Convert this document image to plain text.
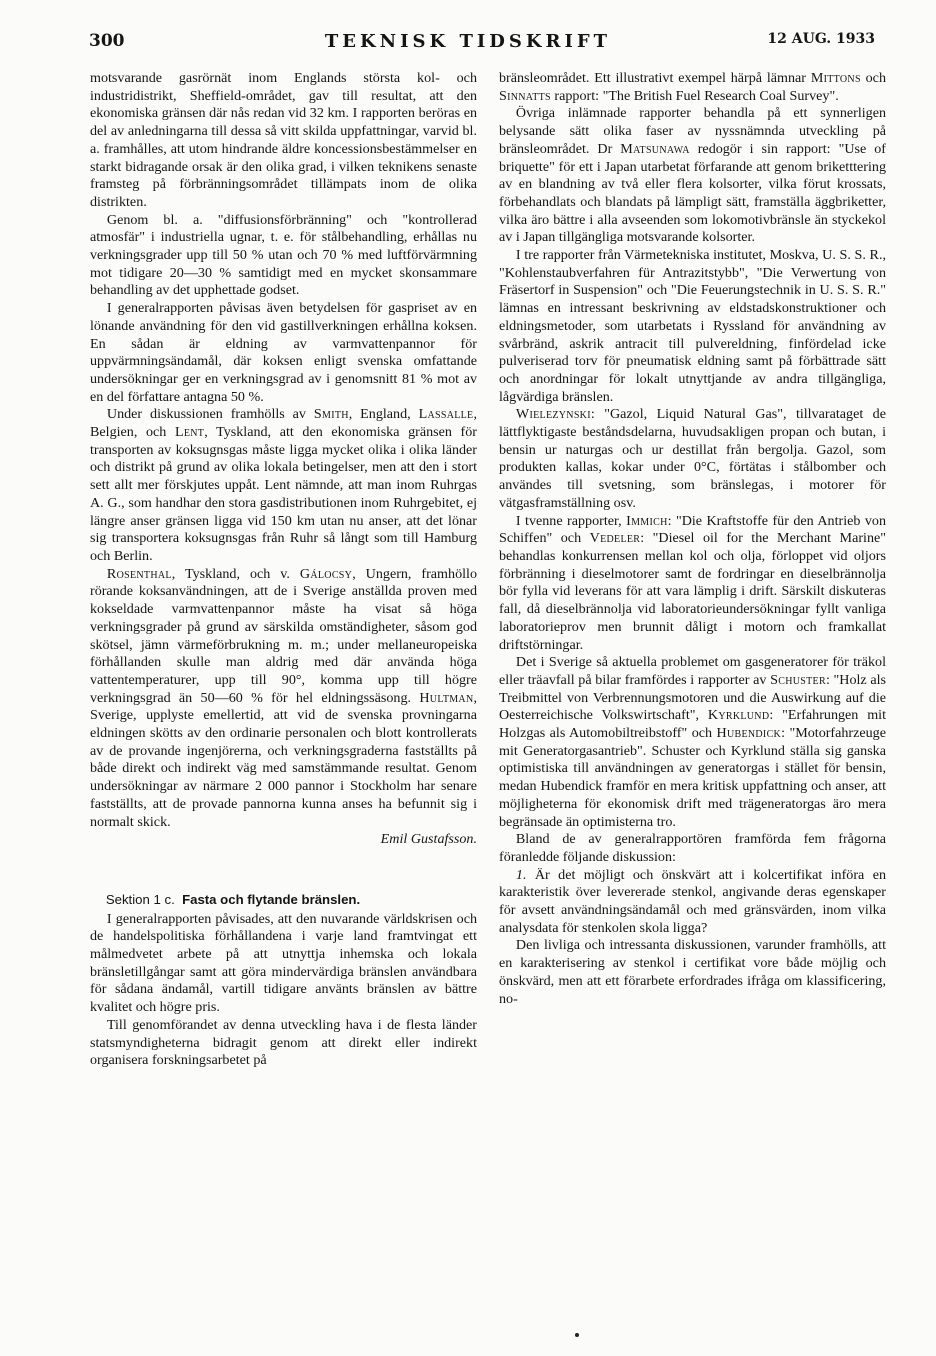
300	TEKNISK TIDSKRIFT	12 AUG. 1933

motsvarande gasrörnät inom Englands största kol- och industridistrikt, Sheffield-området, gav till resultat, att den ekonomiska gränsen där nås redan vid 32 km. I rapporten beröras en del av anledningarna till dessa så vitt skilda uppfattningar, varvid bl. a. framhålles, att utom hindrande äldre koncessionsbestämmelser en starkt bidragande orsak är den olika grad, i vilken teknikens senaste framsteg på förbränningsområdet tillämpats inom de olika distrikten.

Genom bl. a. "diffusionsförbränning" och "kontrollerad atmosfär" i industriella ugnar, t. e. för stålbehandling, erhållas nu verkningsgrader upp till 50 % utan och 70 % med luftförvärmning mot tidigare 20—30 % samtidigt med en mycket skonsammare behandling av det upphettade godset.

I generalrapporten påvisas även betydelsen för gaspriset av en lönande användning för den vid gastillverkningen erhållna koksen. En sådan är eldning av varmvattenpannor för uppvärmningsändamål, där koksen enligt svenska omfattande undersökningar ger en verkningsgrad av i genomsnitt 81 % mot av en del författare antagna 50 %.

Under diskussionen framhölls av Smith, England, Lassalle, Belgien, och Lent, Tyskland, att den ekonomiska gränsen för transporten av koksugnsgas måste ligga mycket olika i olika länder och distrikt på grund av olika lokala betingelser, men att den i stort sett allt mer förskjutes uppåt. Lent nämnde, att man inom Ruhrgas A. G., som handhar den stora gasdistributionen inom Ruhrgebitet, ej längre anser gränsen ligga vid 150 km utan nu anser, att det lönar sig transportera koksugnsgas från Ruhr så långt som till Hamburg och Berlin.

Rosenthal, Tyskland, och v. Gálocsy, Ungern, framhöllo rörande koksanvändningen, att de i Sverige anställda proven med kokseldade varmvattenpannor måste ha visat så höga verkningsgrader på grund av särskilda omständigheter, såsom god skötsel, jämn värmeförbrukning m. m.; under mellaneuropeiska förhållanden skulle man aldrig med där använda höga vattentemperaturer, upp till 90°, komma upp till högre verkningsgrad än 50—60 % för hel eldningssäsong. Hultman, Sverige, upplyste emellertid, att vid de svenska provningarna eldningen skötts av den ordinarie personalen och blott kontrollerats av de provande ingenjörerna, och verkningsgraderna fastställts på både direkt och indirekt väg med samstämmande resultat. Genom undersökningar av närmare 2 000 pannor i Stockholm har senare fastställts, att de provade pannorna kunna anses ha befunnit sig i normalt skick.

Emil Gustafsson.

Sektion 1 c. Fasta och flytande bränslen.

I generalrapporten påvisades, att den nuvarande världskrisen och de handelspolitiska förhållandena i varje land framtvingat ett målmedvetet arbete på att utnyttja inhemska och lokala bränsletillgångar samt att göra mindervärdiga bränslen användbara för sådana ändamål, vartill tidigare använts bränslen av bättre kvalitet och högre pris.

Till genomförandet av denna utveckling hava i de flesta länder statsmyndigheterna bidragit genom att direkt eller indirekt organisera forskningsarbetet på

bränsleområdet. Ett illustrativt exempel härpå lämnar Mittons och Sinnatts rapport: "The British Fuel Research Coal Survey".

Övriga inlämnade rapporter behandla på ett synnerligen belysande sätt olika faser av nyssnämnda utveckling på bränsleområdet. Dr Matsunawa redogör i sin rapport: "Use of briquette" för ett i Japan utarbetat förfarande att genom briketttering av en blandning av två eller flera kolsorter, vilka förut krossats, förbehandlats och blandats på lämpligt sätt, framställa äggbriketter, vilka äro bättre i alla avseenden som lokomotivbränsle än styckekol av i Japan tillgängliga motsvarande kolsorter.

I tre rapporter från Värmetekniska institutet, Moskva, U. S. S. R., "Kohlenstaubverfahren für Antrazitstybb", "Die Verwertung von Fräsertorf in Suspension" och "Die Feuerungstechnik in U. S. S. R." lämnas en intressant beskrivning av eldstadskonstruktioner och eldningsmetoder, som utarbetats i Ryssland för användning av svårbränd, askrik antracit till pulvereldning, finfördelad icke pulveriserad torv för pneumatisk eldning samt på förbättrade sätt och anordningar för lokalt utnyttjande av andra tillgängliga, lågvärdiga bränslen.

Wielezynski: "Gazol, Liquid Natural Gas", tillvarataget de lättflyktigaste beståndsdelarna, huvudsakligen propan och butan, i bensin ur naturgas och ur destillat från bergolja. Gazol, som produkten kallas, kokar under 0°C, förtätas i stålbomber och användes till svetsning, som bränslegas, i motorer för vätgasframställning osv.

I tvenne rapporter, Immich: "Die Kraftstoffe für den Antrieb von Schiffen" och Vedeler: "Diesel oil for the Merchant Marine" behandlas konkurrensen mellan kol och olja, förloppet vid oljors förbränning i dieselmotorer samt de fordringar en dieselbrännolja bör fylla vid leverans för att vara lämplig i drift. Särskilt diskuteras fall, då dieselbrännolja vid laboratorieundersökningar fyllt vanliga laboratorieprov men brunnit dåligt i motorn och framkallat driftstörningar.

Det i Sverige så aktuella problemet om gasgeneratorer för träkol eller träavfall på bilar framfördes i rapporter av Schuster: "Holz als Treibmittel von Verbrennungsmotoren und die Auswirkung auf die Oesterreichische Volkswirtschaft", Kyrklund: "Erfahrungen mit Holzgas als Automobiltreibstoff" och Hubendick: "Motorfahrzeuge mit Generatorgasantrieb". Schuster och Kyrklund ställa sig ganska optimistiska till användningen av generatorgas i stället för bensin, medan Hubendick framför en mera kritisk uppfattning och anser, att möjligheterna för ekonomisk drift med trägeneratorgas äro mera begränsade än optimisterna tro.

Bland de av generalrapportören framförda fem frågorna föranledde följande diskussion:

1. Är det möjligt och önskvärt att i kolcertifikat införa en karakteristik över levererade stenkol, angivande deras egenskaper för avsett användningsändamål och med gränsvärden, inom vilka analysdata för stenkolen skola ligga?

Den livliga och intressanta diskussionen, varunder framhölls, att en karakterisering av stenkol i certifikat vore både möjlig och önskvärd, men att ett förarbete erfordrades ifråga om klassificering, no-
